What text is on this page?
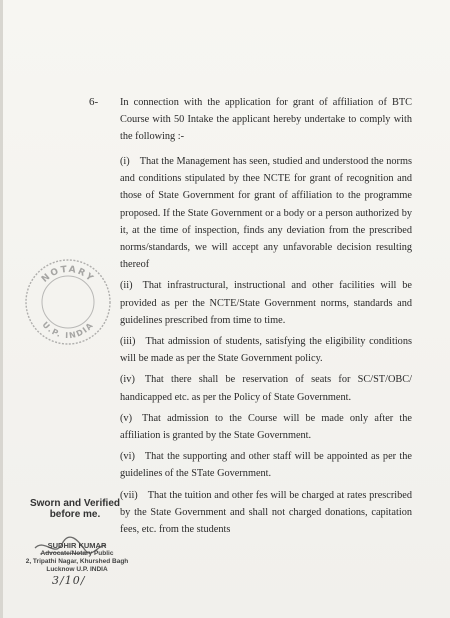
6- In connection with the application for grant of affiliation of BTC Course with 50 Intake the applicant hereby undertake to comply with the following :-

(i) That the Management has seen, studied and understood the norms and conditions stipulated by thee NCTE for grant of recognition and those of State Government for grant of affiliation to the programme proposed. If the State Government or a body or a person authorized by it, at the time of inspection, finds any deviation from the prescribed norms/standards, we will accept any unfavorable decision resulting thereof

(ii) That infrastructural, instructional and other facilities will be provided as per the NCTE/State Government norms, standards and guidelines prescribed from time to time.

(iii) That admission of students, satisfying the eligibility conditions will be made as per the State Government policy.

(iv) That there shall be reservation of seats for SC/ST/OBC/ handicapped etc. as per the Policy of State Government.

(v) That admission to the Course will be made only after the affiliation is granted by the State Government.

(vi) That the supporting and other staff will be appointed as per the guidelines of the STate Government.

(vii) That the tuition and other fes will be charged at rates prescribed by the State Government and shall not charged donations, capitation fees, etc. from the students

NOTARY
U.P. INDIA
Sworn and Verified
before me.
SUDHIR KUMAR
Advocate/Notary Public
2, Tripathi Nagar, Khurshed Bagh
Lucknow U.P. INDIA
3/10/
